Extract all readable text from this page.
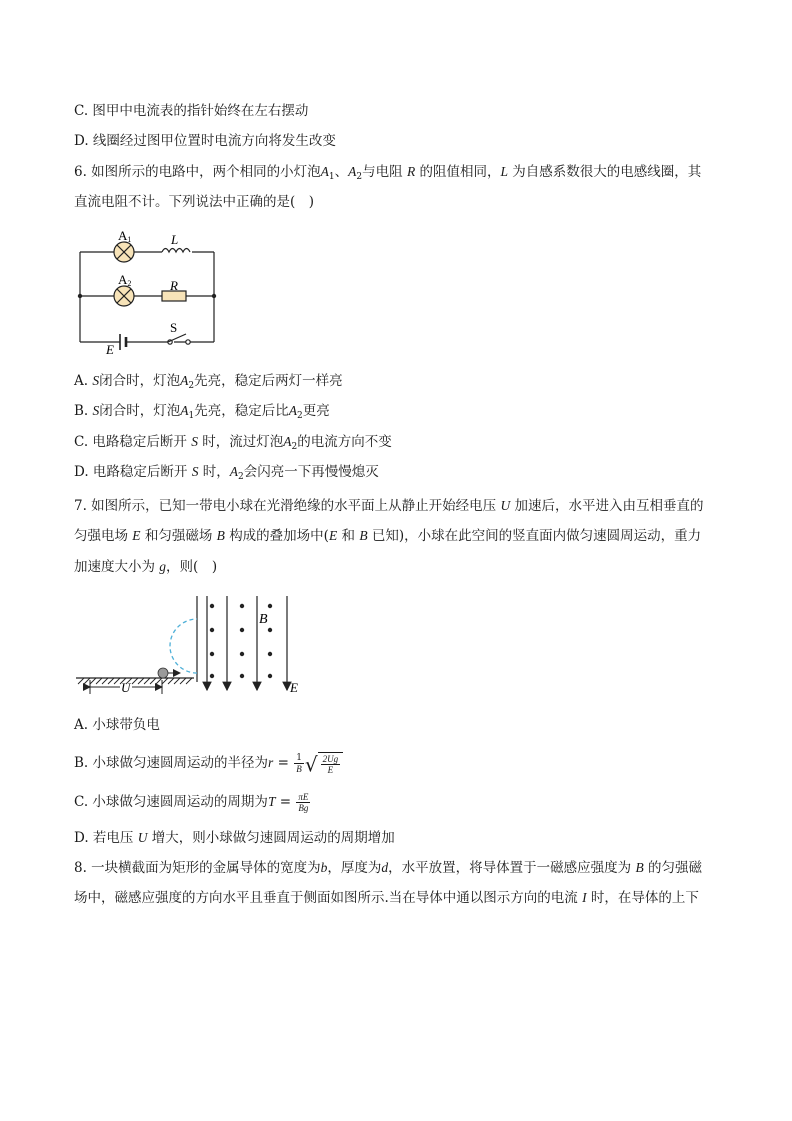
C. 图甲中电流表的指针始终在左右摆动
D. 线圈经过图甲位置时电流方向将发生改变
6. 如图所示的电路中，两个相同的小灯泡$A_1$、$A_2$与电阻 R 的阻值相同，L 为自感系数很大的电感线圈，其
直流电阻不计。下列说法中正确的是(　)
A1	L
A2	R
S
E
A. S闭合时，灯泡$A_2$先亮，稳定后两灯一样亮
B. S闭合时，灯泡$A_1$先亮，稳定后比$A_2$更亮
C. 电路稳定后断开 S 时，流过灯泡$A_2$的电流方向不变
D. 电路稳定后断开 S 时，$A_2$会闪亮一下再慢慢熄灭
7. 如图所示，已知一带电小球在光滑绝缘的水平面上从静止开始经电压 U 加速后，水平进入由互相垂直的
匀强电场 E 和匀强磁场 B 构成的叠加场中(E 和 B 已知)，小球在此空间的竖直面内做匀速圆周运动，重力
加速度大小为 g，则(　)
U
B
E
A. 小球带负电
B. 小球做匀速圆周运动的半径为$r = \frac{1}{B}$ √ $\frac{2Ug}{E}$
C. 小球做匀速圆周运动的周期为$T = \frac{\pi E}{Bg}$
D. 若电压 U 增大，则小球做匀速圆周运动的周期增加
8. 一块横截面为矩形的金属导体的宽度为b，厚度为d，水平放置，将导体置于一磁感应强度为 B 的匀强磁
场中，磁感应强度的方向水平且垂直于侧面如图所示.当在导体中通以图示方向的电流 I 时，在导体的上下
